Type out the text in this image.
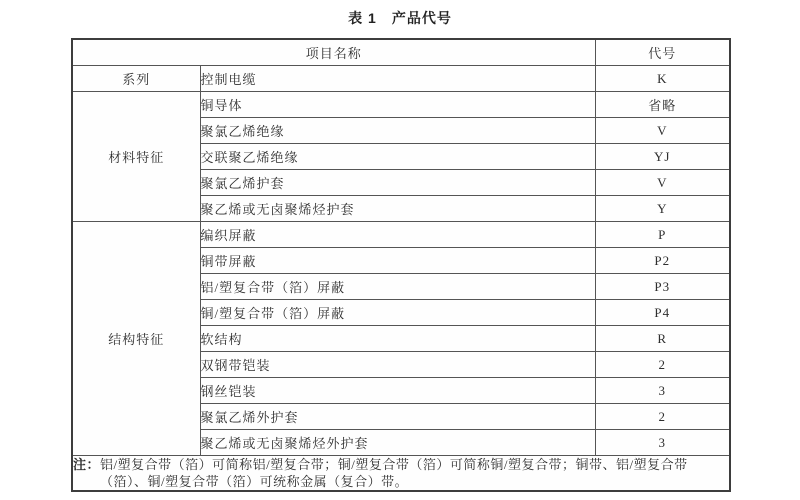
表 1　产品代号
项目名称		代号
系列	控制电缆	K
材料特征	铜导体	省略
	聚氯乙烯绝缘	V
	交联聚乙烯绝缘	YJ
	聚氯乙烯护套	V
	聚乙烯或无卤聚烯烃护套	Y
结构特征	编织屏蔽	P
	铜带屏蔽	P2
	铝/塑复合带（箔）屏蔽	P3
	铜/塑复合带（箔）屏蔽	P4
	软结构	R
	双钢带铠装	2
	钢丝铠装	3
	聚氯乙烯外护套	2
	聚乙烯或无卤聚烯烃外护套	3

注： 铝/塑复合带（箔）可简称铝/塑复合带；铜/塑复合带（箔）可简称铜/塑复合带；铜带、铝/塑复合带（箔）、铜/塑复合带（箔）可统称金属（复合）带。		
